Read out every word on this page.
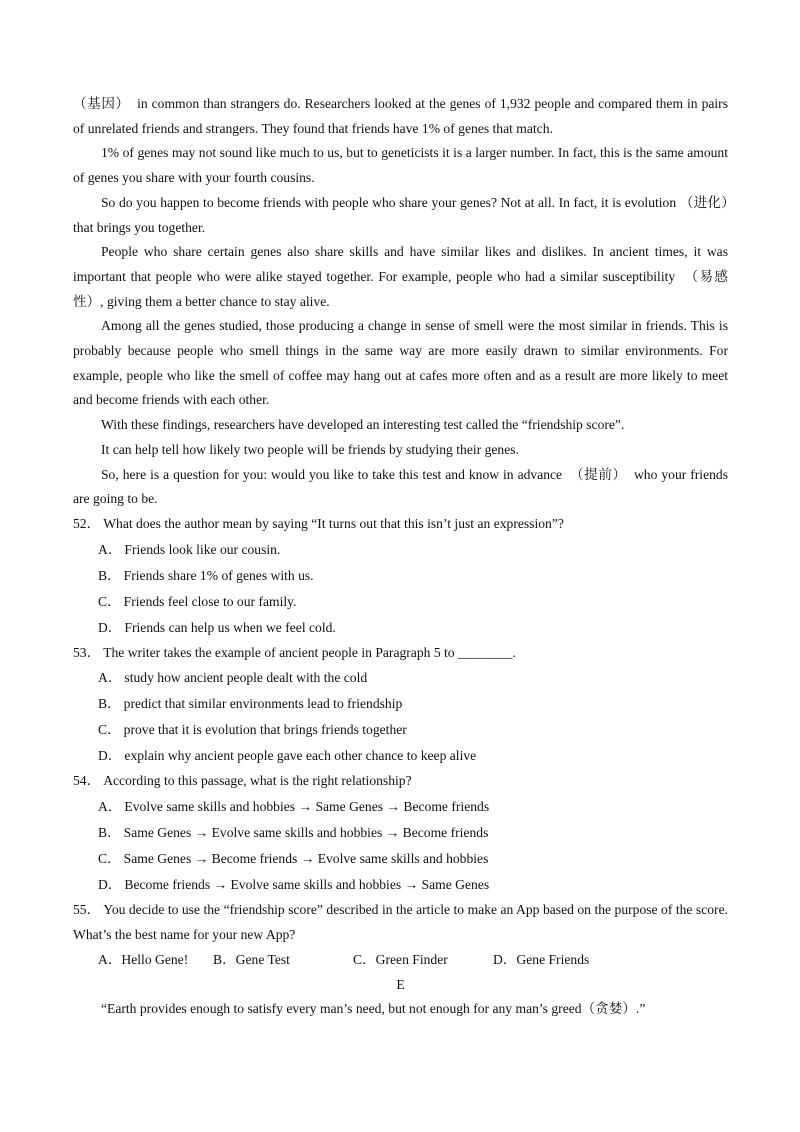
（基因）　in common than strangers do. Researchers looked at the genes of 1,932 people and compared them in pairs of unrelated friends and strangers. They found that friends have 1% of genes that match.

1% of genes may not sound like much to us, but to geneticists it is a larger number. In fact, this is the same amount of genes you share with your fourth cousins.

So do you happen to become friends with people who share your genes? Not at all. In fact, it is evolution （进化）　that brings you together.

People who share certain genes also share skills and have similar likes and dislikes. In ancient times, it was important that people who were alike stayed together. For example, people who had a similar susceptibility　（易感性）, giving them a better chance to stay alive.

Among all the genes studied, those producing a change in sense of smell were the most similar in friends. This is probably because people who smell things in the same way are more easily drawn to similar environments. For example, people who like the smell of coffee may hang out at cafes more often and as a result are more likely to meet and become friends with each other.

With these findings, researchers have developed an interesting test called the “friendship score”.

It can help tell how likely two people will be friends by studying their genes.

So, here is a question for you: would you like to take this test and know in advance　（提前）　who your friends are going to be.

52． What does the author mean by saying “It turns out that this isn’t just an expression”?

A． Friends look like our cousin.

B． Friends share 1% of genes with us.

C． Friends feel close to our family.

D． Friends can help us when we feel cold.

53． The writer takes the example of ancient people in Paragraph 5 to ________.

A． study how ancient people dealt with the cold

B． predict that similar environments lead to friendship

C． prove that it is evolution that brings friends together

D． explain why ancient people gave each other chance to keep alive

54． According to this passage, what is the right relationship?

A． Evolve same skills and hobbies → Same Genes → Become friends

B． Same Genes → Evolve same skills and hobbies → Become friends

C． Same Genes → Become friends → Evolve same skills and hobbies

D． Become friends → Evolve same skills and hobbies → Same Genes

55． You decide to use the “friendship score” described in the article to make an App based on the purpose of the score. What’s the best name for your new App?

A．Hello Gene! B．Gene Test	C．Green Finder	D．Gene Friends

E

“Earth provides enough to satisfy every man’s need, but not enough for any man’s greed（贪婪）.”
